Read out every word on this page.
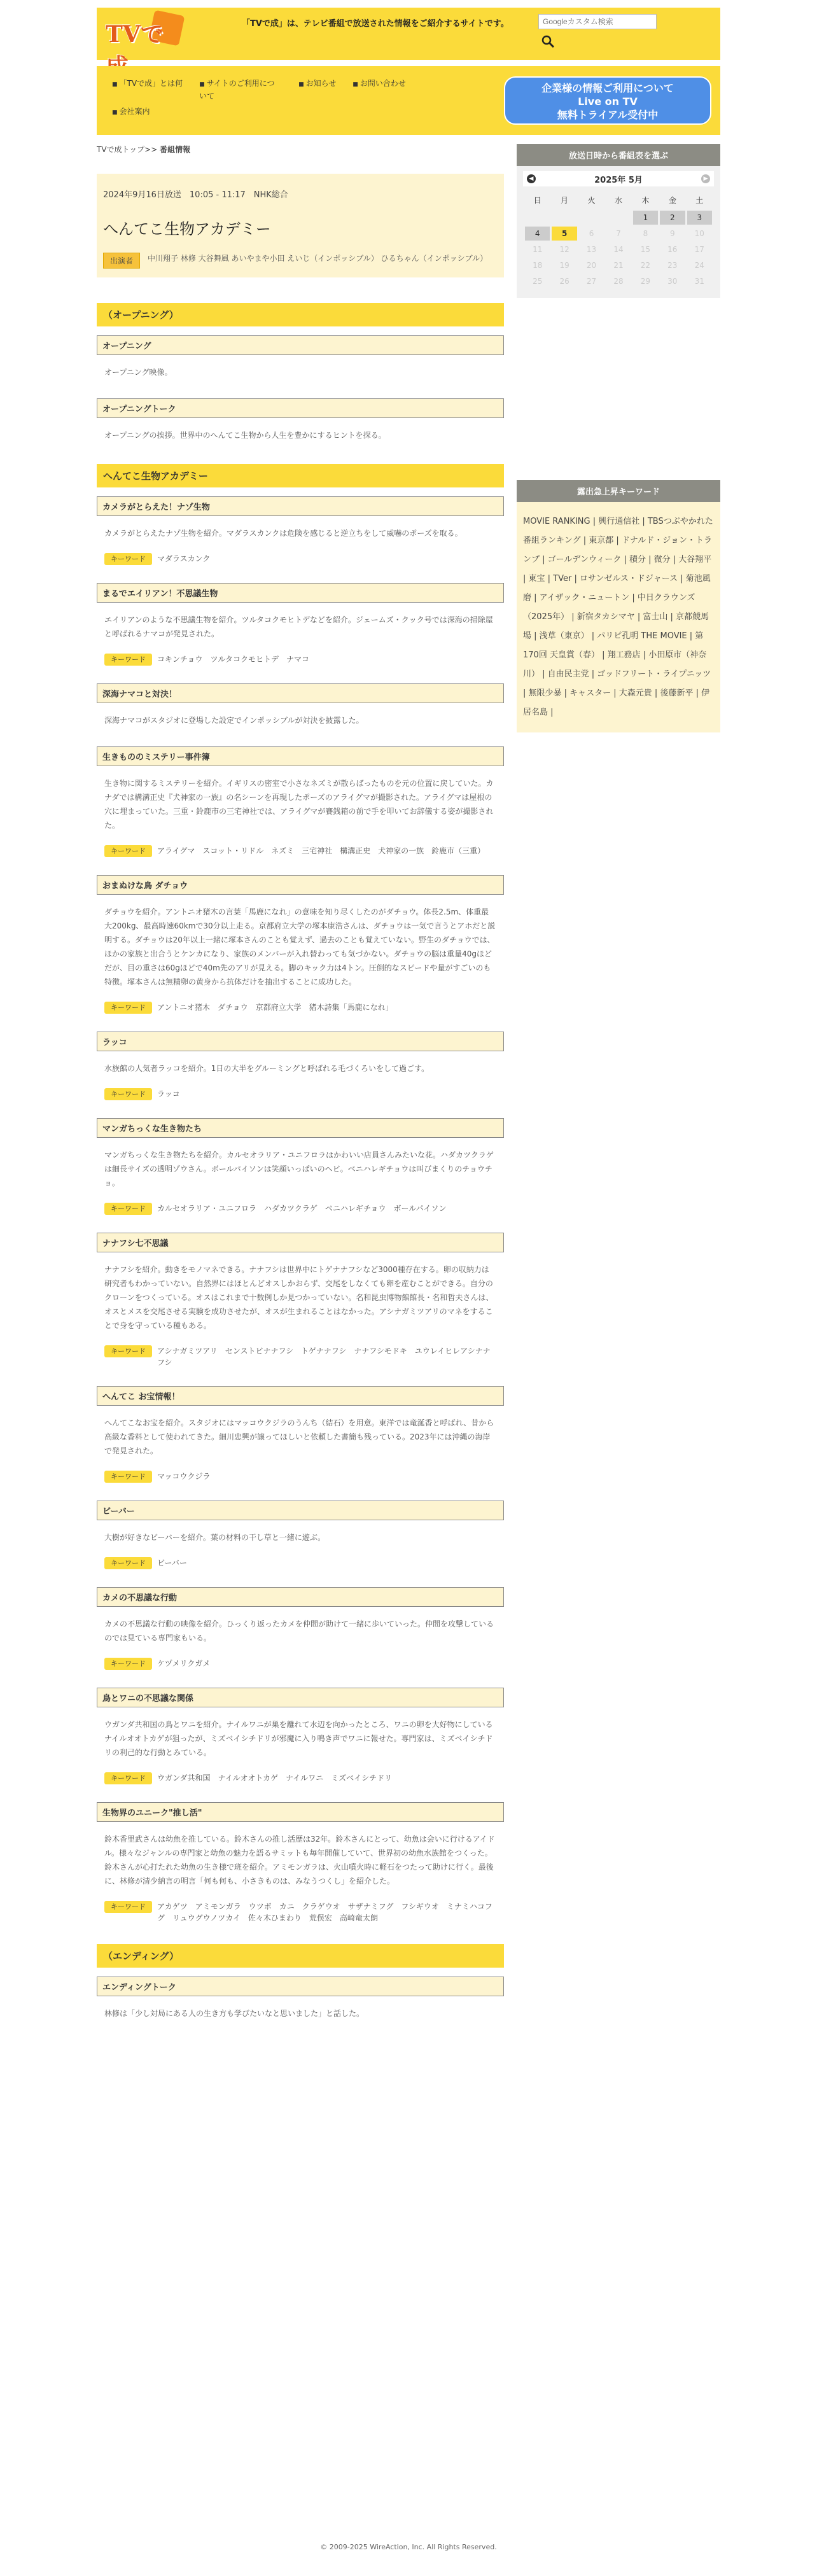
TVで	「TVで成」は、テレビ番組で放送された情報をご紹介するサイトです。
Googleカスタム検索
■ 「TVで成」とは何	■ サイトのご利用について
■ お知らせ	■ お問い合わせ
■ 会社案内
企業様の情報ご利用について
Live on TV
無料トライアル受付中
TVで成トップ>> 番組情報
2024年9月16日放送　10:05 - 11:17　NHK総合
へんてこ生物アカデミー
出演者	中川翔子 林修 大谷舞風 あいやまや小田 えいじ（インポッシブル） ひるちゃん（インポッシブル）
（オープニング）
オープニング
オープニング映像。
オープニングトーク
オープニングの挨拶。世界中のへんてこ生物から人生を豊かにするヒントを探る。
へんてこ生物アカデミー
カメラがとらえた！ナゾ生物
カメラがとらえたナゾ生物を紹介。マダラスカンクは危険を感じると逆立ちをして威嚇のポーズを取る。
キーワード	マダラスカンク
まるでエイリアン！不思議生物
エイリアンのような不思議生物を紹介。ツルタコクモヒトデなどを紹介。ジェームズ・クック号では深海の掃除屋と呼ばれるナマコが発見された。
キーワード	コキンチョウ　ツルタコクモヒトデ　ナマコ
深海ナマコと対決！
深海ナマコがスタジオに登場した設定でインポッシブルが対決を披露した。
生きもののミステリー事件簿
生き物に関するミステリーを紹介。イギリスの密室で小さなネズミが散らばったものを元の位置に戻していた。カナダでは構溝正史『犬神家の一族』の名シーンを再現したポーズのアライグマが撮影された。アライグマは屋根の穴に埋まっていた。三重・鈴鹿市の三宅神社では、アライグマが賽銭箱の前で手を叩いてお辞儀する姿が撮影された。
キーワード	アライグマ　スコット・リドル　ネズミ　三宅神社　構溝正史　犬神家の一族　鈴鹿市（三重）
おまぬけな鳥 ダチョウ
ダチョウを紹介。アントニオ猪木の言葉「馬鹿になれ」の意味を知り尽くしたのがダチョウ。体長2.5m、体重最大200kg、最高時速60kmで30分以上走る。京都府立大学の塚本康浩さんは、ダチョウは一気で言うとアホだと説明する。ダチョウは20年以上一緒に塚本さんのことも覚えず、過去のことも覚えていない。野生のダチョウでは、ほかの家族と出合うとケンカになり、家族のメンバーが入れ替わっても気づかない。ダチョウの脳は重量40gほどだが、目の重さは60gほどで40m先のアリが見える。脚のキック力は4トン。圧倒的なスピードや量がすごいのも特徴。塚本さんは無精卵の黄身から抗体だけを抽出することに成功した。
キーワード	アントニオ猪木　ダチョウ　京都府立大学　猪木詩集「馬鹿になれ」
ラッコ
水族館の人気者ラッコを紹介。1日の大半をグルーミングと呼ばれる毛づくろいをして過ごす。
キーワード	ラッコ
マンガちっくな生き物たち
マンガちっくな生き物たちを紹介。カルセオラリア・ユニフロラはかわいい店員さんみたいな花。ハダカツクラゲは細長サイズの透明ゾウさん。ボールパイソンは笑顔いっぱいのヘビ。ベニハレギチョウは叫びまくりのチョウチョ。
キーワード	カルセオラリア・ユニフロラ　ハダカツクラゲ　ベニハレギチョウ　ボールパイソン
ナナフシ七不思議
ナナフシを紹介。動きをモノマネできる。ナナフシは世界中にトゲナナフシなど3000種存在する。卵の収納力は研究者もわかっていない。自然界にはほとんどオスしかおらず、交尾をしなくても卵を産むことができる。自分のクローンをつくっている。オスはこれまで十数例しか見つかっていない。名和昆虫博物館館長・名和哲夫さんは、オスとメスを交尾させる実験を成功させたが、オスが生まれることはなかった。アシナガミツアリのマネをすることで身を守っている種もある。
キーワード	アシナガミツアリ　センストビナナフシ　トゲナナフシ　ナナフシモドキ　ユウレイヒレアシナナフシ
へんてこ お宝情報！
へんてこなお宝を紹介。スタジオにはマッコウクジラのうんち（結石）を用意。東洋では竜涎香と呼ばれ、昔から高級な香料として使われてきた。細川忠興が譲ってほしいと依頼した書簡も残っている。2023年には沖縄の海岸で発見された。
キーワード	マッコウクジラ
ビーバー
大樹が好きなビーバーを紹介。葉の材料の干し草と一緒に遊ぶ。
キーワード	ビーバー
カメの不思議な行動
カメの不思議な行動の映像を紹介。ひっくり返ったカメを仲間が助けて一緒に歩いていった。仲間を攻撃しているのでは見ている専門家もいる。
キーワード	ケヅメリクガメ
鳥とワニの不思議な関係
ウガンダ共和国の鳥とワニを紹介。ナイルワニが巣を離れて水辺を向かったところ、ワニの卵を大好物にしているナイルオオトカゲが狙ったが、ミズベイシチドリが邪魔に入り鳴き声でワニに報せた。専門家は、ミズベイシチドリの利己的な行動とみている。
キーワード	ウガンダ共和国　ナイルオオトカゲ　ナイルワニ　ミズベイシチドリ
生物界のユニーク"推し活"
鈴木香里武さんは幼魚を推している。鈴木さんの推し活歴は32年。鈴木さんにとって、幼魚は会いに行けるアイドル。様々なジャンルの専門家と幼魚の魅力を語るサミットも毎年開催していて、世界初の幼魚水族館をつくった。鈴木さんが心打たれた幼魚の生き様で班を紹介。アミモンガラは、火山噴火時に軽石をつたって助けに行く。最後に、林修が清少納言の明言「何も何も、小さきものは、みなうつくし」を紹介した。
キーワード	アカゲツ　アミモンガラ　ウツボ　カニ　クラゲウオ　サザナミフグ　フシギウオ　ミナミハコフグ　リュウグウノツカイ　佐々木ひまわり　荒俣宏　高崎竜太朗
（エンディング）
エンディングトーク
林修は「少し対局にある人の生き方も学びたいなと思いました」と話した。
放送日時から番組表を選ぶ
◀	2025年 5月	▶
日	月	火	水	木	金	土
				1	2	3
4	5	6	7	8	9	10
11	12	13	14	15	16	17
18	19	20	21	22	23	24
25	26	27	28	29	30	31
露出急上昇キーワード
MOVIE RANKING | 興行通信社 | TBSつぶやかれた番組ランキング | 東京都 | ドナルド・ジョン・トランプ | ゴールデンウィーク | 積分 | 微分 | 大谷翔平 | 東宝 | TVer | ロサンゼルス・ドジャース | 菊池風磨 | アイザック・ニュートン | 中日クラウンズ（2025年） | 新宿タカシマヤ | 富士山 | 京都競馬場 | 浅草（東京） | パリピ孔明 THE MOVIE | 第170回 天皇賞（春） | 翔工務店 | 小田原市（神奈川） | 自由民主党 | ゴッドフリート・ライプニッツ | 無限少暴 | キャスター | 大森元貴 | 後藤新平 | 伊居名島 |
© 2009-2025 WireAction, Inc. All Rights Reserved.
